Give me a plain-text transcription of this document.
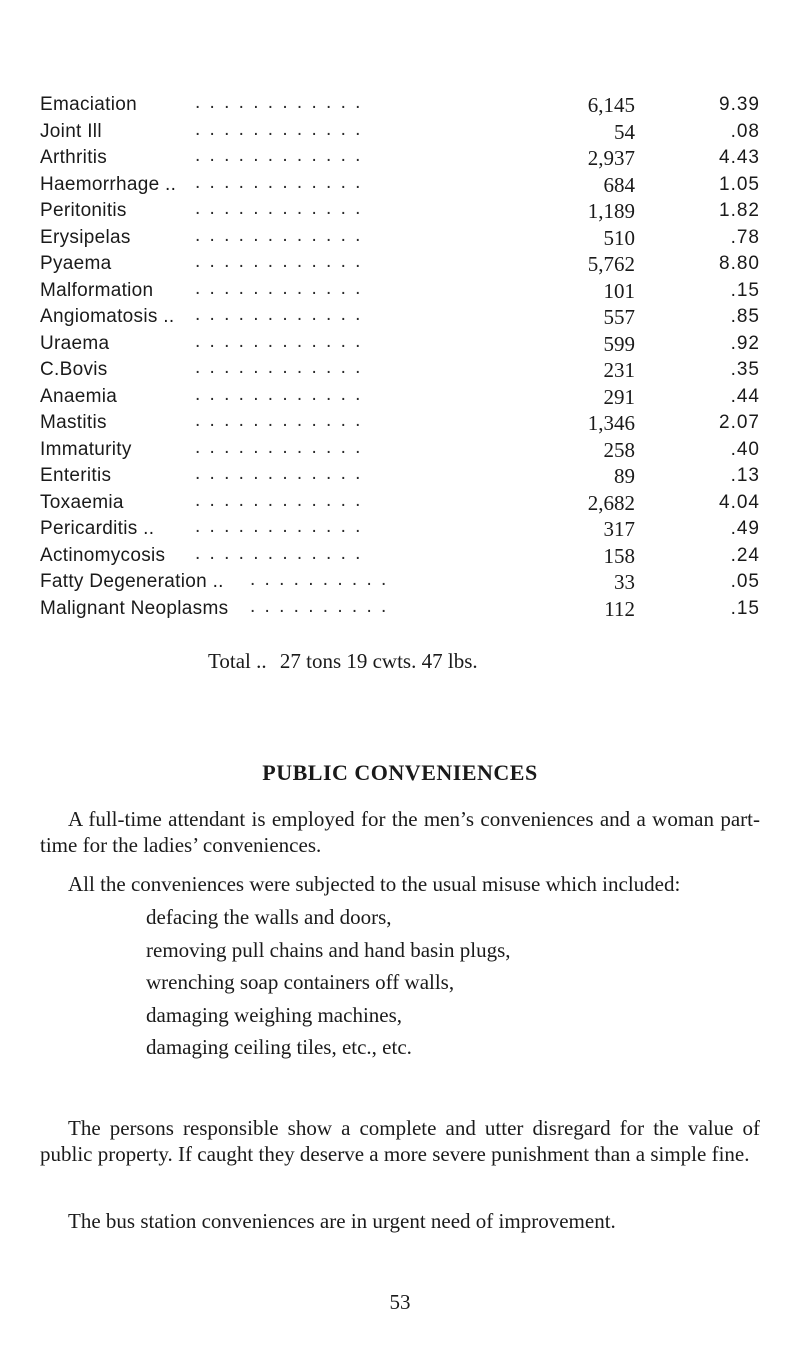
Emaciation	. . . . . . . . . . . .	6,145	9.39
Joint Ill	. . . . . . . . . . . .	54	.08
Arthritis	. . . . . . . . . . . .	2,937	4.43
Haemorrhage .. . . . . . . . . . . . .	684	1.05
Peritonitis	. . . . . . . . . . . .	1,189	1.82
Erysipelas	. . . . . . . . . . . .	510	.78
Pyaema	. . . . . . . . . . . .	5,762	8.80
Malformation . . . . . . . . . . . .	101	.15
Angiomatosis .. . . . . . . . . . . . .	557	.85
Uraema	. . . . . . . . . . . .	599	.92
C.Bovis	. . . . . . . . . . . .	231	.35
Anaemia	. . . . . . . . . . . .	291	.44
Mastitis	. . . . . . . . . . . .	1,346	2.07
Immaturity	. . . . . . . . . . . .	258	.40
Enteritis	. . . . . . . . . . . .	89	.13
Toxaemia	. . . . . . . . . . . .	2,682	4.04
Pericarditis .. . . . . . . . . . . . .	317	.49
Actinomycosis . . . . . . . . . . . .	158	.24
Fatty Degeneration .. . . . . . . . . . .	33	.05
Malignant Neoplasms . . . . . . . . . .	112	.15
Total .. 27 tons 19 cwts. 47 lbs.
PUBLIC CONVENIENCES
A full-time attendant is employed for the men’s conveniences and a woman part-time for the ladies’ conveniences.
All the conveniences were subjected to the usual misuse which included:
defacing the walls and doors,
removing pull chains and hand basin plugs,
wrenching soap containers off walls,
damaging weighing machines,
damaging ceiling tiles, etc., etc.
The persons responsible show a complete and utter disregard for the value of public property. If caught they deserve a more severe punishment than a simple fine.
The bus station conveniences are in urgent need of improvement.
53
